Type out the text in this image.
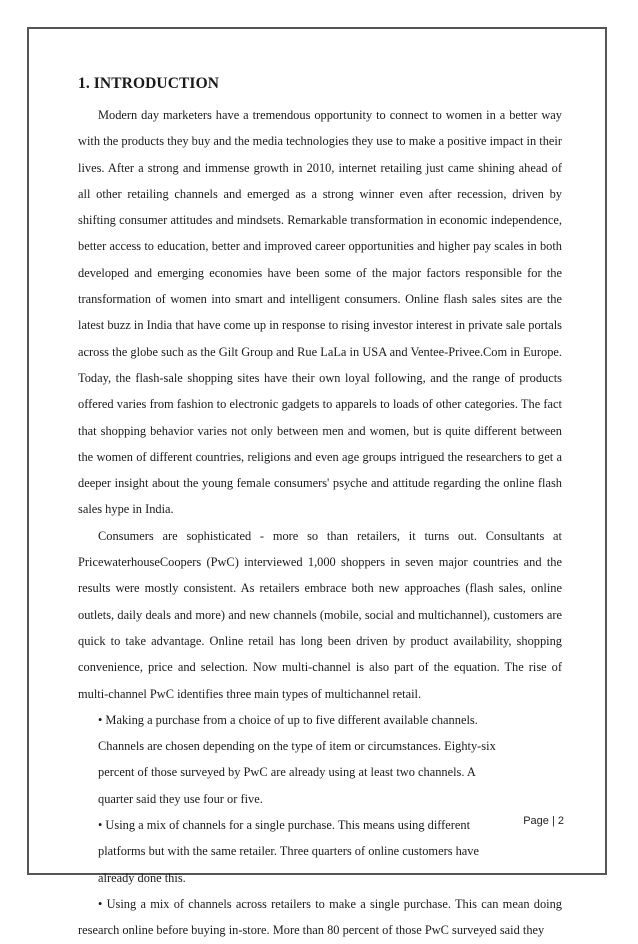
1. INTRODUCTION

Modern day marketers have a tremendous opportunity to connect to women in a better way with the products they buy and the media technologies they use to make a positive impact in their lives. After a strong and immense growth in 2010, internet retailing just came shining ahead of all other retailing channels and emerged as a strong winner even after recession, driven by shifting consumer attitudes and mindsets. Remarkable transformation in economic independence, better access to education, better and improved career opportunities and higher pay scales in both developed and emerging economies have been some of the major factors responsible for the transformation of women into smart and intelligent consumers. Online flash sales sites are the latest buzz in India that have come up in response to rising investor interest in private sale portals across the globe such as the Gilt Group and Rue LaLa in USA and Ventee-Privee.Com in Europe. Today, the flash-sale shopping sites have their own loyal following, and the range of products offered varies from fashion to electronic gadgets to apparels to loads of other categories. The fact that shopping behavior varies not only between men and women, but is quite different between the women of different countries, religions and even age groups intrigued the researchers to get a deeper insight about the young female consumers' psyche and attitude regarding the online flash sales hype in India.

Consumers are sophisticated - more so than retailers, it turns out. Consultants at PricewaterhouseCoopers (PwC) interviewed 1,000 shoppers in seven major countries and the results were mostly consistent. As retailers embrace both new approaches (flash sales, online outlets, daily deals and more) and new channels (mobile, social and multichannel), customers are quick to take advantage. Online retail has long been driven by product availability, shopping convenience, price and selection. Now multi-channel is also part of the equation. The rise of multi-channel PwC identifies three main types of multichannel retail.

• Making a purchase from a choice of up to five different available channels.
Channels are chosen depending on the type of item or circumstances. Eighty-six
percent of those surveyed by PwC are already using at least two channels. A
quarter said they use four or five.
• Using a mix of channels for a single purchase. This means using different
platforms but with the same retailer. Three quarters of online customers have
already done this.

• Using a mix of channels across retailers to make a single purchase. This can mean doing research online before buying in-store. More than 80 percent of those PwC surveyed said they

Page | 2
